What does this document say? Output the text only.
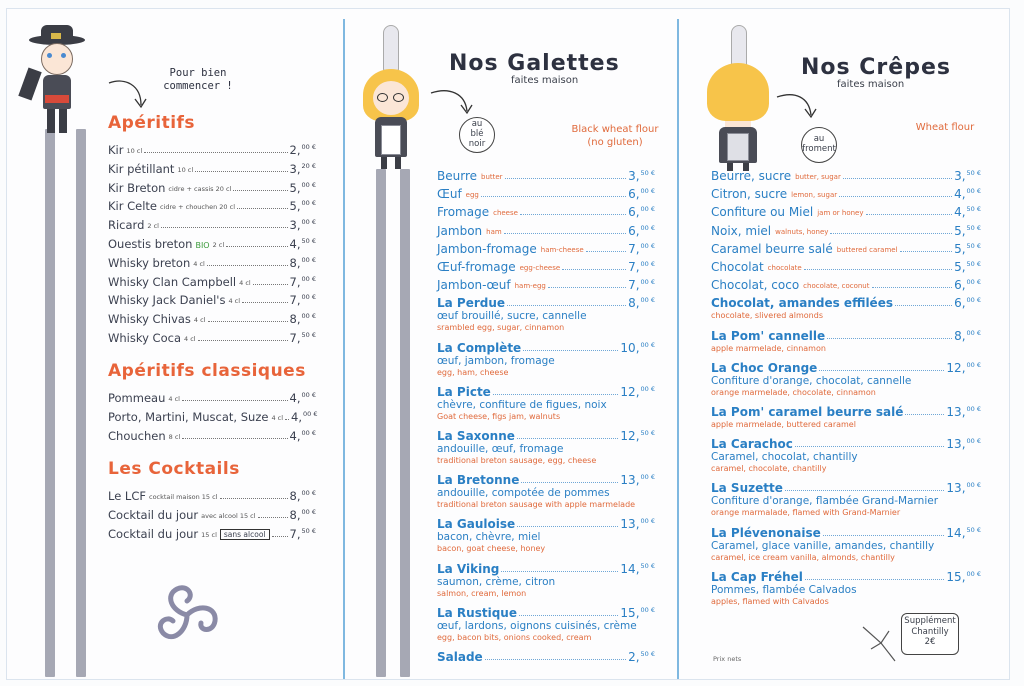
Pour bien
commencer !
Apéritifs
Kir 10 cl	2,$^{00 €}$
Kir pétillant 10 cl	3,$^{20 €}$
Kir Breton cidre + cassis 20 cl	5,$^{00 €}$
Kir Celte cidre + chouchen 20 cl	5,$^{00 €}$
Ricard 2 cl	3,$^{00 €}$
Ouestis breton BIO 2 cl	4,$^{50 €}$
Whisky breton 4 cl	8,$^{00 €}$
Whisky Clan Campbell 4 cl	7,$^{00 €}$
Whisky Jack Daniel's 4 cl	7,$^{00 €}$
Whisky Chivas 4 cl	8,$^{00 €}$
Whisky Coca 4 cl	7,$^{50 €}$
Apéritifs classiques
Pommeau 4 cl	4,$^{00 €}$
Porto, Martini, Muscat, Suze 4 cl 4,$^{00 €}$
Chouchen 8 cl	4,$^{00 €}$
Les Cocktails
Le LCF cocktail maison 15 cl	8,$^{00 €}$
Cocktail du jour avec alcool 15 cl	8,$^{00 €}$
Cocktail du jour 15 cl sans alcool	7,$^{50 €}$
Nos Galettes
faites maison
au
blé
noir
Black wheat flour
(no gluten)
Beurre butter	3,$^{50 €}$
Œuf egg	6,$^{00 €}$
Fromage cheese	6,$^{00 €}$
Jambon ham	6,$^{00 €}$
Jambon-fromage ham-cheese	7,$^{00 €}$
Œuf-fromage egg-cheese	7,$^{00 €}$
Jambon-œuf ham-egg	7,$^{00 €}$
La Perdue	8,$^{00 €}$
œuf brouillé, sucre, cannelle
srambled egg, sugar, cinnamon
La Complète	10,$^{00 €}$
œuf, jambon, fromage
egg, ham, cheese
La Picte	12,$^{00 €}$
chèvre, confiture de figues, noix
Goat cheese, figs jam, walnuts
La Saxonne	12,$^{50 €}$
andouille, œuf, fromage
traditional breton sausage, egg, cheese
La Bretonne	13,$^{00 €}$
andouille, compotée de pommes
traditional breton sausage with apple marmelade
La Gauloise	13,$^{00 €}$
bacon, chèvre, miel
bacon, goat cheese, honey
La Viking	14,$^{50 €}$
saumon, crème, citron
salmon, cream, lemon
La Rustique	15,$^{00 €}$
œuf, lardons, oignons cuisinés, crème
egg, bacon bits, onions cooked, cream
Salade	2,$^{50 €}$
Nos Crêpes
faites maison
au
froment
Wheat flour
Beurre, sucre butter, sugar	3,$^{50 €}$
Citron, sucre lemon, sugar	4,$^{00 €}$
Confiture ou Miel jam or honey	4,$^{50 €}$
Noix, miel walnuts, honey	5,$^{50 €}$
Caramel beurre salé buttered caramel	5,$^{50 €}$
Chocolat chocolate	5,$^{50 €}$
Chocolat, coco chocolate, coconut	6,$^{00 €}$
Chocolat, amandes effilées	6,$^{00 €}$
chocolate, slivered almonds
La Pom' cannelle	8,$^{00 €}$
apple marmelade, cinnamon
La Choc Orange	12,$^{00 €}$
Confiture d'orange, chocolat, cannelle
orange marmelade, chocolate, cinnamon
La Pom' caramel beurre salé	13,$^{00 €}$
apple marmelade, buttered caramel
La Carachoc	13,$^{00 €}$
Caramel, chocolat, chantilly
caramel, chocolate, chantilly
La Suzette	13,$^{00 €}$
Confiture d'orange, flambée Grand-Marnier
orange marmalade, flamed with Grand-Marnier
La Plévenonaise	14,$^{50 €}$
Caramel, glace vanille, amandes, chantilly
caramel, ice cream vanilla, almonds, chantilly
La Cap Fréhel	15,$^{00 €}$
Pommes, flambée Calvados
apples, flamed with Calvados
Prix nets
Supplément
Chantilly
2€
